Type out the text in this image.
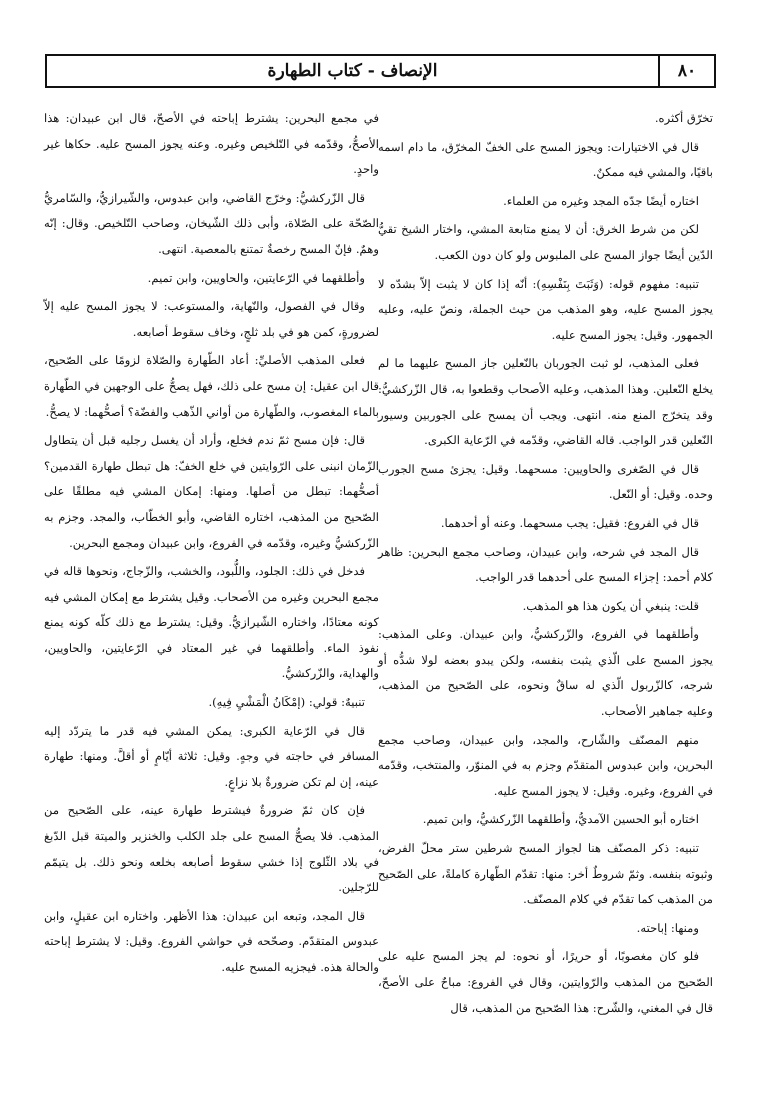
٨٠
الإنصاف - كتاب الطهارة

تخرّق أكثره.

قال في الاختيارات: ويجوز المسح على الخفّ المخرّق، ما دام اسمه باقيًا، والمشي فيه ممكنٌ.

اختاره أيضًا جدّه المجد وغيره من العلماء.

لكن من شرط الخرق: أن لا يمنع متابعة المشي، واختار الشيخ تقيُّ الدّين أيضًا جواز المسح على الملبوس ولو كان دون الكعب.

تنبيه: مفهوم قوله: (وَثَبَتَ بِنَفْسِهِ): أنّه إذا كان لا يثبت إلاّ بشدّه لا يجوز المسح عليه، وهو المذهب من حيث الجملة، ونصّ عليه، وعليه الجمهور. وقيل: يجوز المسح عليه.

فعلى المذهب، لو ثبت الجوربان بالنّعلين جاز المسح عليهما ما لم يخلع النّعلين. وهذا المذهب، وعليه الأصحاب وقطعوا به، قال الزّركشيُّ: وقد يتخرّج المنع منه. انتهى. ويجب أن يمسح على الجوربين وسيور النّعلين قدر الواجب. قاله القاضي، وقدّمه في الرّعاية الكبرى.

قال في الصّغرى والحاويين: مسحهما. وقيل: يجزئ مسح الجورب وحده. وقيل: أو النّعل.

قال في الفروع: فقيل: يجب مسحهما. وعنه أو أحدهما.

قال المجد في شرحه، وابن عبيدان، وصاحب مجمع البحرين: ظاهر كلام أحمد: إجزاء المسح على أحدهما قدر الواجب.

قلت: ينبغي أن يكون هذا هو المذهب.

وأطلقهما في الفروع، والزّركشيُّ، وابن عبيدان. وعلى المذهب: يجوز المسح على الّذي يثبت بنفسه، ولكن يبدو بعضه لولا شدُّه أو شرجه، كالزّربول الّذي له ساقٌ ونحوه، على الصّحيح من المذهب، وعليه جماهير الأصحاب.

منهم المصنّف والشّارح، والمجد، وابن عبيدان، وصاحب مجمع البحرين، وابن عبدوس المتقدّم وجزم به في المنوّر، والمنتخب، وقدّمه في الفروع، وغيره. وقيل: لا يجوز المسح عليه.

اختاره أبو الحسين الآمديُّ، وأطلقهما الزّركشيُّ، وابن تميم.

تنبيه: ذكر المصنّف هنا لجواز المسح شرطين ستر محلّ الفرض، وثبوته بنفسه. وثمّ شروطٌ أخر: منها: تقدّم الطّهارة كاملةً، على الصّحيح من المذهب كما تقدّم في كلام المصنّف.

ومنها: إباحته.

فلو كان مغصوبًا، أو حريرًا، أو نحوه: لم يجز المسح عليه على الصّحيح من المذهب والرّوايتين، وقال في الفروع: مباحٌ على الأصحّ، قال في المغني، والشّرح: هذا الصّحيح من المذهب، قال

في مجمع البحرين: يشترط إباحته في الأصحّ، قال ابن عبيدان: هذا الأصحُّ، وقدّمه في التّلخيص وغيره. وعنه يجوز المسح عليه. حكاها غير واحدٍ.

قال الزّركشيُّ: وخرّج القاضي، وابن عبدوس، والشّيرازيُّ، والسّامريُّ الصّحّة على الصّلاة، وأبى ذلك الشّيخان، وصاحب التّلخيص. وقال: إنّه وهمٌ. فإنّ المسح رخصةٌ تمتنع بالمعصية. انتهى.

وأطلقهما في الرّعايتين، والحاويين، وابن تميم.

وقال في الفصول، والنّهاية، والمستوعب: لا يجوز المسح عليه إلاّ لضرورةٍ، كمن هو في بلد ثلجٍ، وخاف سقوط أصابعه.

فعلى المذهب الأصليِّ: أعاد الطّهارة والصّلاة لزومًا على الصّحيح، قال ابن عقيل: إن مسح على ذلك، فهل يصحُّ على الوجهين في الطّهارة بالماء المغصوب، والطّهارة من أواني الذّهب والفضّة؟ أصحُّهما: لا يصحُّ.

قال: فإن مسح ثمّ ندم فخلع، وأراد أن يغسل رجليه قبل أن يتطاول الزّمان انبنى على الرّوايتين في خلع الخفّ: هل تبطل طهارة القدمين؟ أصحُّهما: تبطل من أصلها. ومنها: إمكان المشي فيه مطلقًا على الصّحيح من المذهب، اختاره القاضي، وأبو الخطّاب، والمجد. وجزم به الزّركشيُّ وغيره، وقدّمه في الفروع، وابن عبيدان ومجمع البحرين.

فدخل في ذلك: الجلود، واللُّبود، والخشب، والزّجاج، ونحوها قاله في مجمع البحرين وغيره من الأصحاب. وقيل يشترط مع إمكان المشي فيه كونه معتادًا، واختاره الشّيرازيُّ. وقيل: يشترط مع ذلك كلّه كونه يمنع نفوذ الماء. وأطلقهما في غير المعتاد في الرّعايتين، والحاويين، والهداية، والزّركشيُّ.

تنبيهٌ: قولي: (إمْكَانُ الْمَشْيِ فِيهِ).

قال في الرّعاية الكبرى: يمكن المشي فيه قدر ما يتردّد إليه المسافر في حاجته في وجهٍ. وقيل: ثلاثة أيّامٍ أو أقلَّ. ومنها: طهارة عينه، إن لم تكن ضرورةٌ بلا نزاعٍ.

فإن كان ثمّ ضرورةٌ فيشترط طهارة عينه، على الصّحيح من المذهب. فلا يصحُّ المسح على جلد الكلب والخنزير والميتة قبل الدّبغ في بلاد الثّلوج إذا خشي سقوط أصابعه بخلعه ونحو ذلك. بل يتيمّم للرّجلين.

قال المجد، وتبعه ابن عبيدان: هذا الأظهر. واختاره ابن عقيلٍ، وابن عبدوس المتقدّم. وصحّحه في حواشي الفروع. وقيل: لا يشترط إباحته والحالة هذه. فيجزيه المسح عليه.
